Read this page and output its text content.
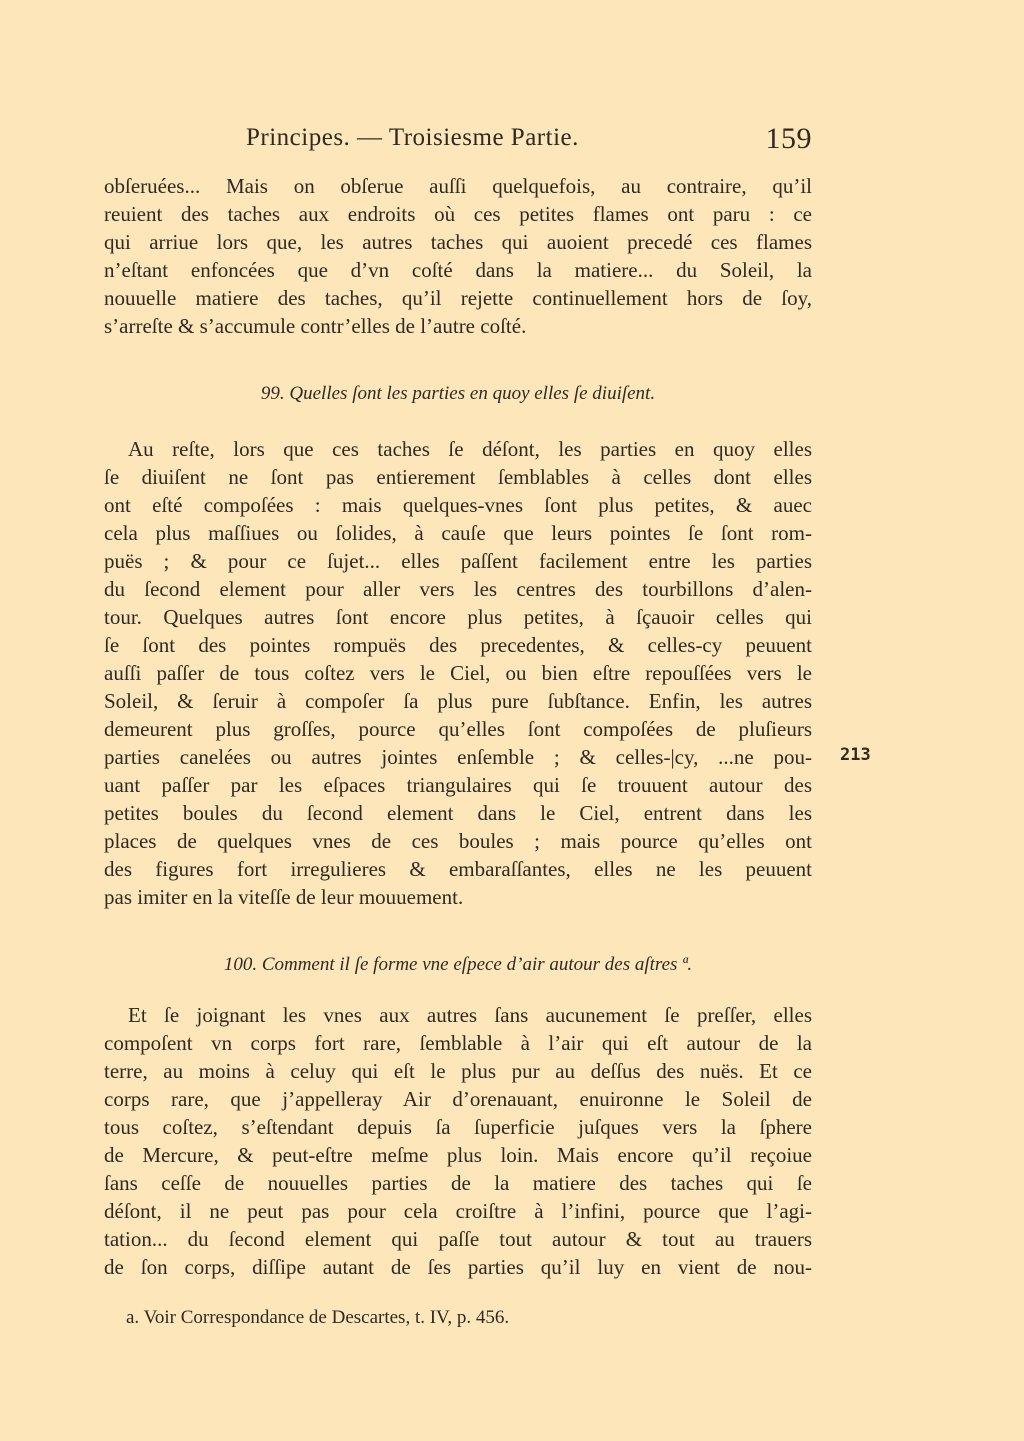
Principes. — Troisiesme Partie.	159
obſeruées... Mais on obſerue auſſi quelquefois, au contraire, qu’il
reuient des taches aux endroits où ces petites flames ont paru : ce
qui arriue lors que, les autres taches qui auoient precedé ces flames
n’eſtant enfoncées que d’vn coſté dans la matiere... du Soleil, la
nouuelle matiere des taches, qu’il rejette continuellement hors de ſoy,
s’arreſte & s’accumule contr’elles de l’autre coſté.
99. Quelles ſont les parties en quoy elles ſe diuiſent.
Au reſte, lors que ces taches ſe déſont, les parties en quoy elles
ſe diuiſent ne ſont pas entierement ſemblables à celles dont elles
ont eſté compoſées : mais quelques-vnes ſont plus petites, & auec
cela plus maſſiues ou ſolides, à cauſe que leurs pointes ſe ſont rom-
puës ; & pour ce ſujet... elles paſſent facilement entre les parties
du ſecond element pour aller vers les centres des tourbillons d’alen-
tour. Quelques autres ſont encore plus petites, à ſçauoir celles qui
ſe ſont des pointes rompuës des precedentes, & celles-cy peuuent
auſſi paſſer de tous coſtez vers le Ciel, ou bien eſtre repouſſées vers le
Soleil, & ſeruir à compoſer ſa plus pure ſubſtance. Enfin, les autres
demeurent plus groſſes, pource qu’elles ſont compoſées de pluſieurs
parties canelées ou autres jointes enſemble ; & celles-|cy, ...ne pou-
uant paſſer par les eſpaces triangulaires qui ſe trouuent autour des
petites boules du ſecond element dans le Ciel, entrent dans les
places de quelques vnes de ces boules ; mais pource qu’elles ont
des figures fort irregulieres & embaraſſantes, elles ne les peuuent
pas imiter en la viteſſe de leur mouuement.
213
100. Comment il ſe forme vne eſpece d’air autour des aſtres ª.
Et ſe joignant les vnes aux autres ſans aucunement ſe preſſer, elles
compoſent vn corps fort rare, ſemblable à l’air qui eſt autour de la
terre, au moins à celuy qui eſt le plus pur au deſſus des nuës. Et ce
corps rare, que j’appelleray Air d’orenauant, enuironne le Soleil de
tous coſtez, s’eſtendant depuis ſa ſuperficie juſques vers la ſphere
de Mercure, & peut-eſtre meſme plus loin. Mais encore qu’il reçoiue
ſans ceſſe de nouuelles parties de la matiere des taches qui ſe
déſont, il ne peut pas pour cela croiſtre à l’infini, pource que l’agi-
tation... du ſecond element qui paſſe tout autour & tout au trauers
de ſon corps, diſſipe autant de ſes parties qu’il luy en vient de nou-
a. Voir Correspondance de Descartes, t. IV, p. 456.
